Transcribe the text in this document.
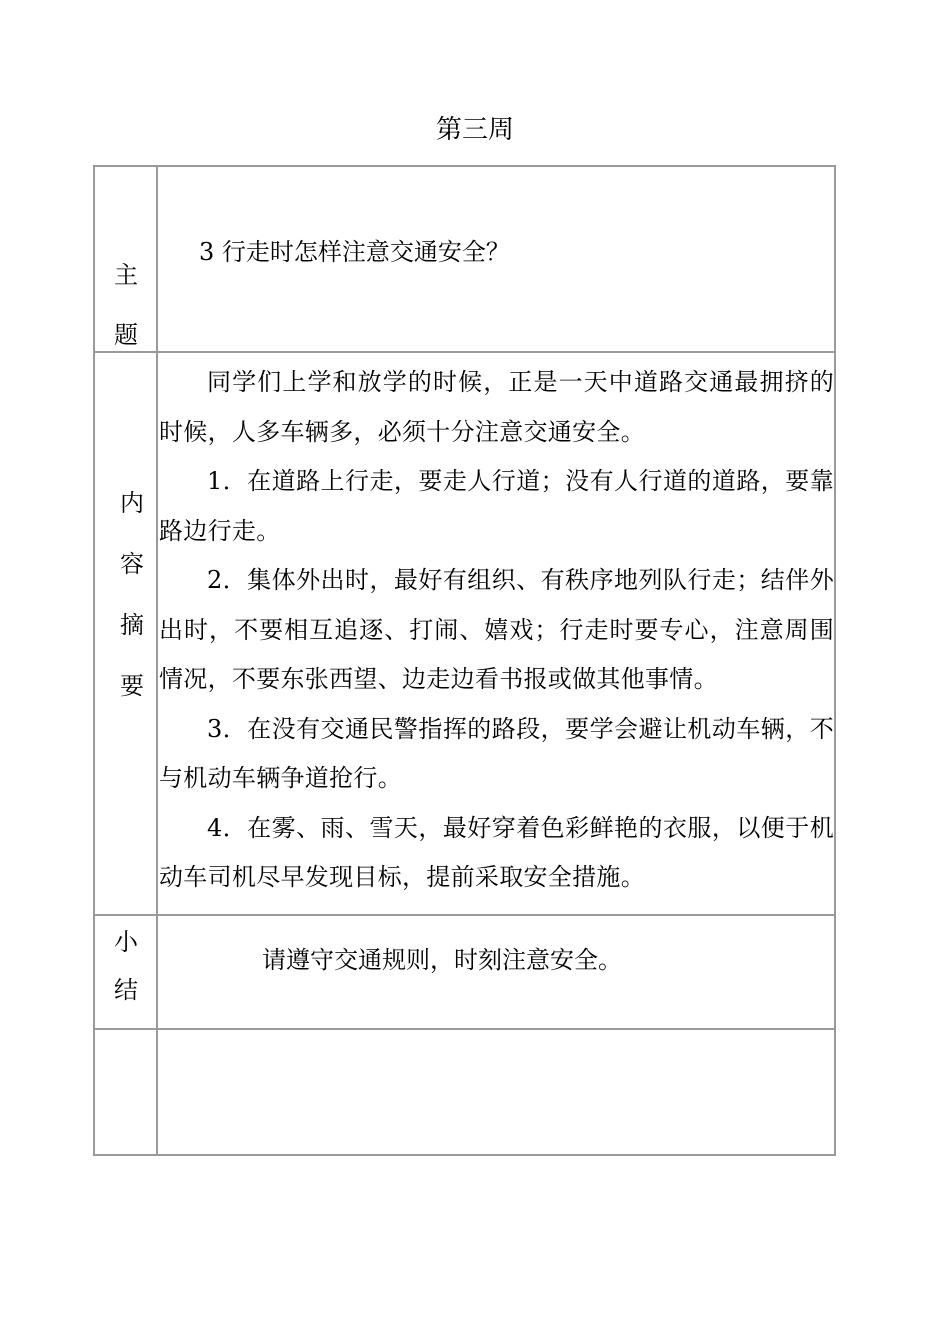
第三周
主
题
3 行走时怎样注意交通安全？
内
容
摘
要

同学们上学和放学的时候，正是一天中道路交通最拥挤的时候，人多车辆多，必须十分注意交通安全。

1．在道路上行走，要走人行道；没有人行道的道路，要靠路边行走。

2．集体外出时，最好有组织、有秩序地列队行走；结伴外出时，不要相互追逐、打闹、嬉戏；行走时要专心，注意周围情况，不要东张西望、边走边看书报或做其他事情。

3．在没有交通民警指挥的路段，要学会避让机动车辆，不与机动车辆争道抢行。

4．在雾、雨、雪天，最好穿着色彩鲜艳的衣服，以便于机动车司机尽早发现目标，提前采取安全措施。

小
结
请遵守交通规则，时刻注意安全。
